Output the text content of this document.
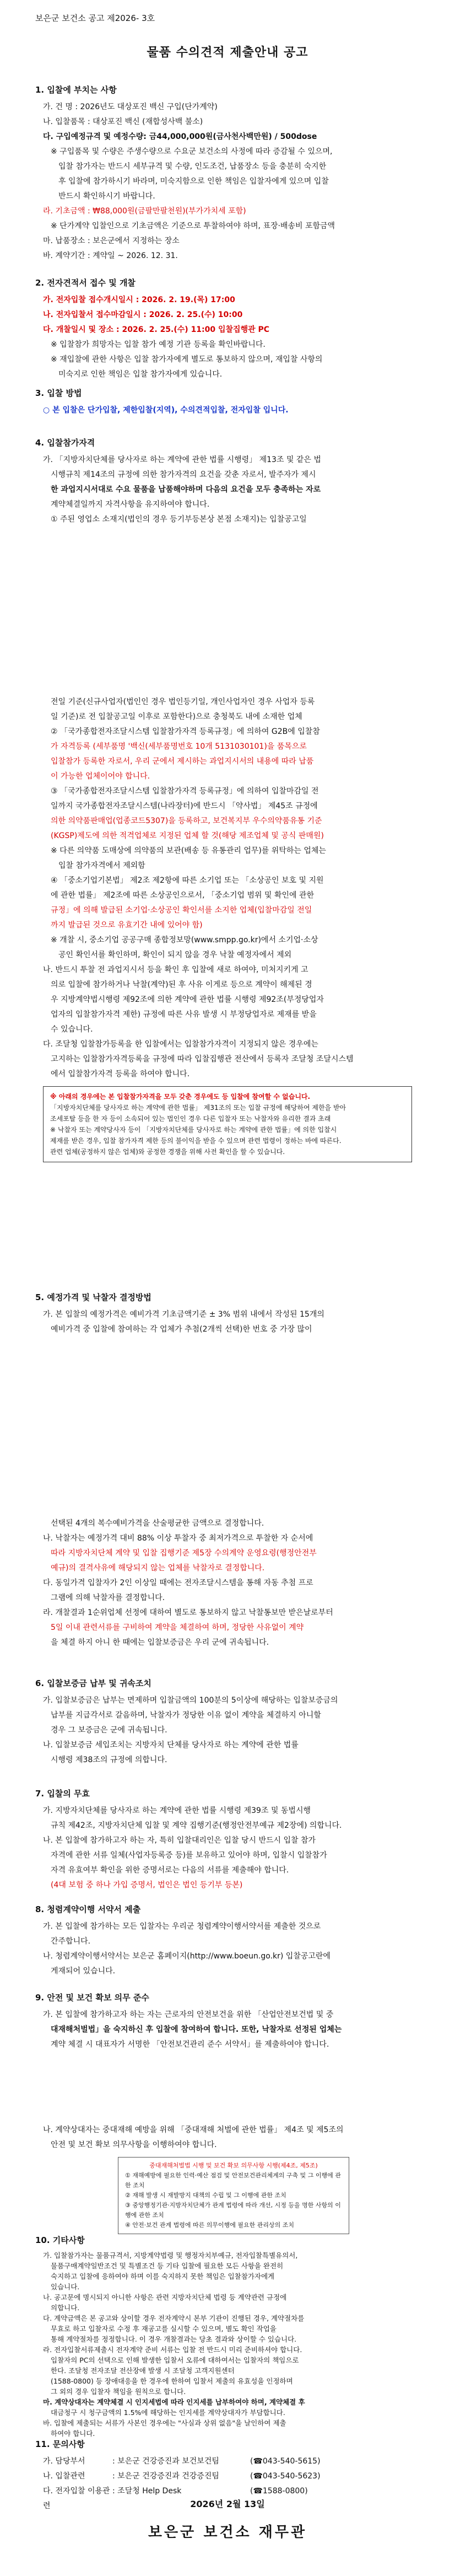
보은군 보건소 공고 제2026- 3호
물품 수의견적 제출안내 공고
1. 입찰에 부치는 사항
가. 건 명 : 2026년도 대상포진 백신 구입(단가계약)
나. 입찰품목 : 대상포진 백신 (재합성사백 불소)
다. 구입예정규격 및 예정수량: 금44,000,000원(금사천사백만원) / 500dose
※ 구입품목 및 수량은 주생수량으로 수요군 보건소의 사정에 따라 증감될 수 있으며,
입찰 참가자는 반드시 세부규격 및 수량, 인도조건, 납품장소 등을 충분히 숙지한
후 입찰에 참가하시기 바라며, 미숙지함으로 인한 책임은 입찰자에게 있으며 입찰
반드시 확인하시기 바랍니다.
라. 기초금액 : ₩88,000원(금팔만팔천원)(부가가치세 포함)
※ 단가계약 입찰인으로 기초금액은 기준으로 투찰하여야 하며, 표장·배송비 포함금액
마. 납품장소 : 보은군에서 지정하는 장소
바. 계약기간 : 계약일 ~ 2026. 12. 31.
2. 전자견적서 접수 및 개찰
가. 전자입찰 접수개시일시 : 2026. 2. 19.(목) 17:00
나. 전자입찰서 접수마감일시 : 2026. 2. 25.(수) 10:00
다. 개찰일시 및 장소 : 2026. 2. 25.(수) 11:00 입찰집행관 PC
※ 입찰참가 희망자는 입찰 참가 예정 기관 등록을 확인바랍니다.
※ 재입찰에 관한 사항은 입찰 참가자에게 별도로 통보하지 않으며, 재입찰 사항의
미숙지로 인한 책임은 입찰 참가자에게 있습니다.
3. 입찰 방법
○ 본 입찰은 단가입찰, 제한입찰(지역), 수의견적입찰, 전자입찰 입니다.
4. 입찰참가자격
가. 「지방자치단체를 당사자로 하는 계약에 관한 법률 시행령」 제13조 및 같은 법
시행규칙 제14조의 규정에 의한 참가자격의 요건을 갖춘 자로서, 발주자가 제시
한 과업지시서대로 수요 물품을 납품해야하며 다음의 요건을 모두 충족하는 자로
계약체결일까지 자격사항을 유지하여야 합니다.
① 주된 영업소 소재지(법인의 경우 등기부등본상 본점 소재지)는 입찰공고일
전일 기준(신규사업자(법인인 경우 법인등기일, 개인사업자인 경우 사업자 등록
일 기준)로 전 입찰공고일 이후로 포함한다)으로 충청북도 내에 소재한 업체
② 「국가종합전자조달시스템 입찰참가자격 등록규정」에 의하여 G2B에 입찰참
가 자격등록 (세부품명 '백신(세부품명번호 10개 5131030101)을 품목으로
입찰참가 등록한 자로서, 우리 군에서 제시하는 과업지시서의 내용에 따라 납품
이 가능한 업체이어야 합니다.
③ 「국가종합전자조달시스템 입찰참가자격 등록규정」에 의하여 입찰마감일 전
일까지 국가종합전자조달시스템(나라장터)에 반드시 「약사법」 제45조 규정에
의한 의약품판매업(업종코드5307)을 등록하고, 보건복지부 우수의약품유통 기준
(KGSP)제도에 의한 적격업체로 지정된 업체 할 것(해당 제조업체 및 공식 판매원)
※ 다른 의약품 도매상에 의약품의 보관(배송 등 유통관리 업무)를 위탁하는 업체는
입찰 참가자격에서 제외함
④ 「중소기업기본법」 제2조 제2항에 따른 소기업 또는 「소상공인 보호 및 지원
에 관한 법률」 제2조에 따른 소상공인으로서, 「중소기업 범위 및 확인에 관한
규정」에 의해 발급된 소기업·소상공인 확인서를 소지한 업체(입찰마감일 전일
까지 발급된 것으로 유효기간 내에 있어야 함)
※ 개찰 시, 중소기업 공공구매 종합정보망(www.smpp.go.kr)에서 소기업·소상
공인 확인서를 확인하며, 확인이 되지 않을 경우 낙찰 예정자에서 제외
나. 반드시 투찰 전 과업지시서 등을 확인 후 입찰에 새로 하여야, 미처지키게 고
의로 입찰에 참가하거나 낙찰(계약)된 후 사유 이게로 등으로 계약이 해제된 경
우 지방계약법시행령 제92조에 의한 계약에 관한 법률 시행령 제92조(부정당업자
업자의 입찰참가자격 제한) 규정에 따른 사유 발생 시 부정당업자로 제재를 받을
수 있습니다.
다. 조달청 입찰참가등록을 한 입찰에서는 입찰참가자격이 지정되지 않은 경우에는
고지하는 입찰참가자격등록을 규정에 따라 입찰집행관 전산에서 등록자 조달청 조달시스템
에서 입찰참가자격 등록을 하여야 합니다.
※ 아래의 경우에는 본 입찰참가자격을 모두 갖춘 경우에도 등 입찰에 참여할 수 없습니다.
「지방자치단체를 당사자로 하는 계약에 관한 법률」 제31조의 또는 입찰 규정에 해당하여 제한을 받아
조세포탈 등을 한 자 등이 소속되어 있는 법인인 경우 다른 입찰자 또는 낙찰자와 유리한 결과 초래
※ 낙찰자 또는 계약당사자 등이 「지방자치단체를 당사자로 하는 계약에 관한 법률」에 의한 입찰시
제재를 받은 경우, 입찰 참가자격 제한 등의 불이익을 받을 수 있으며 관련 법령이 정하는 바에 따른다.
관련 업체(공정하지 않은 업체)와 공정한 경쟁을 위해 사전 확인을 할 수 있습니다.
5. 예정가격 및 낙찰자 결정방법
가. 본 입찰의 예정가격은 예비가격 기초금액기준 ± 3% 범위 내에서 작성된 15개의
예비가격 중 입찰에 참여하는 각 업체가 추첨(2개씩 선택)한 번호 중 가장 많이
선택된 4개의 복수예비가격을 산술평균한 금액으로 결정합니다.
나. 낙찰자는 예정가격 대비 88% 이상 투찰자 중 최저가격으로 투찰한 자 순서에
따라 지방자치단체 계약 및 입찰 집행기준 제5장 수의계약 운영요령(행정안전부
예규)의 결격사유에 해당되지 않는 업체를 낙찰자로 결정합니다.
다. 동일가격 입찰자가 2인 이상일 때에는 전자조달시스템을 통해 자동 추첨 프로
그램에 의해 낙찰자를 결정합니다.
라. 개찰결과 1순위업체 선정에 대하여 별도로 통보하지 않고 낙찰통보만 받은날로부터
5일 이내 관련서류를 구비하여 계약을 체결하여 하며, 정당한 사유없이 계약
을 체결 하지 아니 한 때에는 입찰보증금은 우리 군에 귀속됩니다.
6. 입찰보증금 납부 및 귀속조치
가. 입찰보증금은 납부는 면제하며 입찰금액의 100분의 5이상에 해당하는 입찰보증금의
납부를 지급각서로 갈음하며, 낙찰자가 정당한 이유 없이 계약을 체결하지 아니할
경우 그 보증금은 군에 귀속됩니다.
나. 입찰보증금 세입조치는 지방자치 단체를 당사자로 하는 계약에 관한 법률
시행령 제38조의 규정에 의합니다.
7. 입찰의 무효
가. 지방자치단체를 당사자로 하는 계약에 관한 법률 시행령 제39조 및 동법시행
규칙 제42조, 지방자치단체 입찰 및 계약 집행기준(행정안전부예규 제2장에) 의합니다.
나. 본 입찰에 참가하고자 하는 자, 특히 입찰대리인은 입찰 당시 반드시 입찰 참가
자격에 관한 서류 일체(사업자등록증 등)를 보유하고 있어야 하며, 입찰시 입찰참가
자격 유효여부 확인을 위한 증명서로는 다음의 서류를 제출해야 합니다.
(4대 보험 중 하나 가입 증명서, 법인은 법인 등기부 등본)
8. 청렴계약이행 서약서 제출
가. 본 입찰에 참가하는 모든 입찰자는 우리군 청렴계약이행서약서를 제출한 것으로
간주합니다.
나. 청렴계약이행서약서는 보은군 홈페이지(http://www.boeun.go.kr) 입찰공고란에
게재되어 있습니다.
9. 안전 및 보건 확보 의무 준수
가. 본 입찰에 참가하고자 하는 자는 근로자의 안전보건을 위한 「산업안전보건법 및 중
대재해처벌법」을 숙지하신 후 입찰에 참여하여 합니다. 또한, 낙찰자로 선정된 업체는
계약 체결 시 대표자가 서명한 「안전보건관리 준수 서약서」를 제출하여야 합니다.
나. 계약상대자는 중대재해 예방을 위해 「중대재해 처벌에 관한 법률」 제4조 및 제5조의
안전 및 보건 확보 의무사항을 이행하여야 합니다.
중대재해처벌법 시행 및 보건 확보 의무사항 시행(제4조, 제5조)
① 재해예방에 필요한 인력·예산 점검 및 안전보건관리체계의 구축 및 그 이행에 관한 조치
② 재해 발생 시 재발방지 대책의 수립 및 그 이행에 관한 조치
③ 중앙행정기관·지방자치단체가 관계 법령에 따라 개선, 시정 등을 명한 사항의 이행에 관한 조치
④ 안전·보건 관계 법령에 따른 의무이행에 필요한 관리상의 조치
10. 기타사항
가. 입찰참가자는 물품규격서, 지방계약법령 및 행정자치부예규, 전자입찰특별유의서,
물품구매계약일반조건 및 특별조건 등 기타 입찰에 필요한 모든 사항을 완전히
숙지하고 입찰에 응하여야 하며 이를 숙지하지 못한 책임은 입찰참가자에게
있습니다.
나. 공고문에 명시되지 아니한 사항은 관련 지방자치단체 법령 등 계약관련 규정에
의합니다.
다. 계약금액은 본 공고와 상이할 경우 전자계약시 본부 기관이 진행된 경우, 계약절차를
무효로 하고 입찰자로 수정 후 재공고를 실시할 수 있으며, 별도 확인 작업을
통해 계약절차를 정정합니다. 이 경우 개찰결과는 당초 결과와 상이할 수 있습니다.
라. 전자입찰서류제출시 전자계약 준비 서류는 입찰 전 반드시 미리 준비하셔야 합니다.
입찰자의 PC의 선택으로 인해 발생한 입찰서 오류에 대하여서는 입찰자의 책임으로
한다. 조달청 전자조달 전산장애 발생 시 조달청 고객지원센터
(1588-0800) 등 장애대응을 한 경우에 한하여 입찰서 제출의 유효성을 인정하며
그 외의 경우 입찰자 책임을 원칙으로 합니다.
마. 계약상대자는 계약체결 시 인지세법에 따라 인지세를 납부하여야 하며, 계약체결 후
대금청구 시 청구금액의 1.5%에 해당하는 인지세를 계약상대자가 부담합니다.
바. 입찰에 제출되는 서류가 사본인 경우에는 "사실과 상위 없음"을 날인하여 제출
하여야 합니다.
11. 문의사항
가. 담당부서	: 보은군 건강증진과 보건보건팀	(☎043-540-5615)
나. 입찰관련	: 보은군 건강증진과 건강증진팀	(☎043-540-5623)
다. 전자입찰 이용관련
: 조달청 Help Desk	(☎1588-0800)
2026년 2월 13일
보은군 보건소 재무관
